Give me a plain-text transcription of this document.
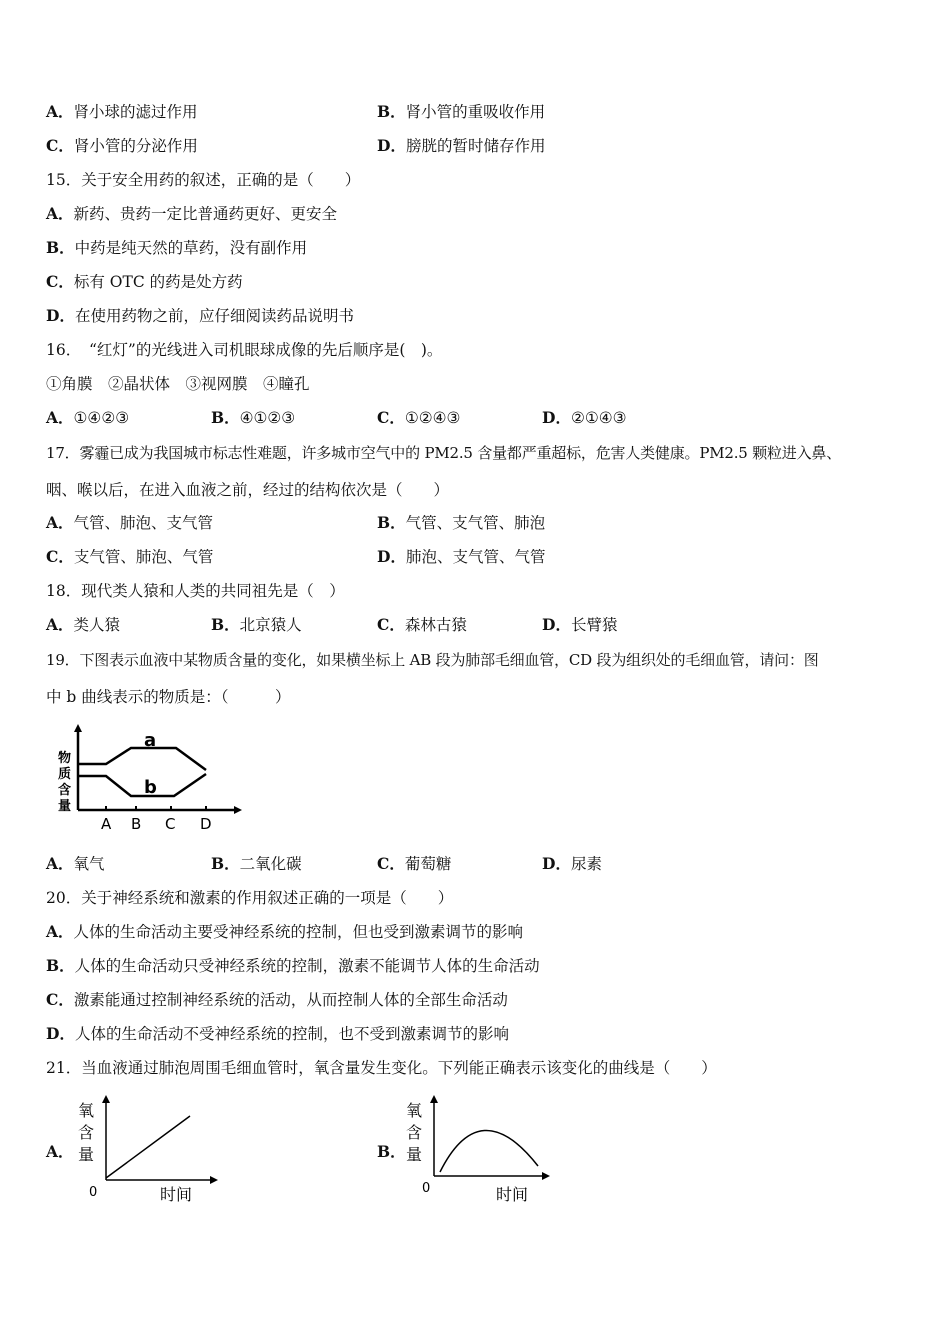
A．肾小球的滤过作用	B．肾小管的重吸收作用
C．肾小管的分泌作用	D．膀胱的暂时储存作用
15．关于安全用药的叙述，正确的是（　　）
A．新药、贵药一定比普通药更好、更安全
B．中药是纯天然的草药，没有副作用
C．标有 OTC 的药是处方药
D．在使用药物之前，应仔细阅读药品说明书
16．　“红灯”的光线进入司机眼球成像的先后顺序是(　)。
①角膜　②晶状体　③视网膜　④瞳孔
A．①④②③	B．④①②③	C．①②④③	D．②①④③
17．雾霾已成为我国城市标志性难题，许多城市空气中的 PM2.5 含量都严重超标，危害人类健康。PM2.5 颗粒进入鼻、
咽、喉以后，在进入血液之前，经过的结构依次是（　　）
A．气管、肺泡、支气管	B．气管、支气管、肺泡
C．支气管、肺泡、气管	D．肺泡、支气管、气管
18．现代类人猿和人类的共同祖先是（　）
A．类人猿	B．北京猿人	C．森林古猿	D．长臂猿
19．下图表示血液中某物质含量的变化，如果横坐标上 AB 段为肺部毛细血管，CD 段为组织处的毛细血管，请问：图
中 b 曲线表示的物质是：（　　　）
物
质
含
量
a
b
A B C D
A．氧气	B．二氧化碳	C．葡萄糖	D．尿素
20．关于神经系统和激素的作用叙述正确的一项是（　　）
A．人体的生命活动主要受神经系统的控制，但也受到激素调节的影响
B．人体的生命活动只受神经系统的控制，激素不能调节人体的生命活动
C．激素能通过控制神经系统的活动，从而控制人体的全部生命活动
D．人体的生命活动不受神经系统的控制，也不受到激素调节的影响
21．当血液通过肺泡周围毛细血管时，氧含量发生变化。下列能正确表示该变化的曲线是（　　）
A．
氧
含
量
0	时间
B．
氧
含
量
0	时间
